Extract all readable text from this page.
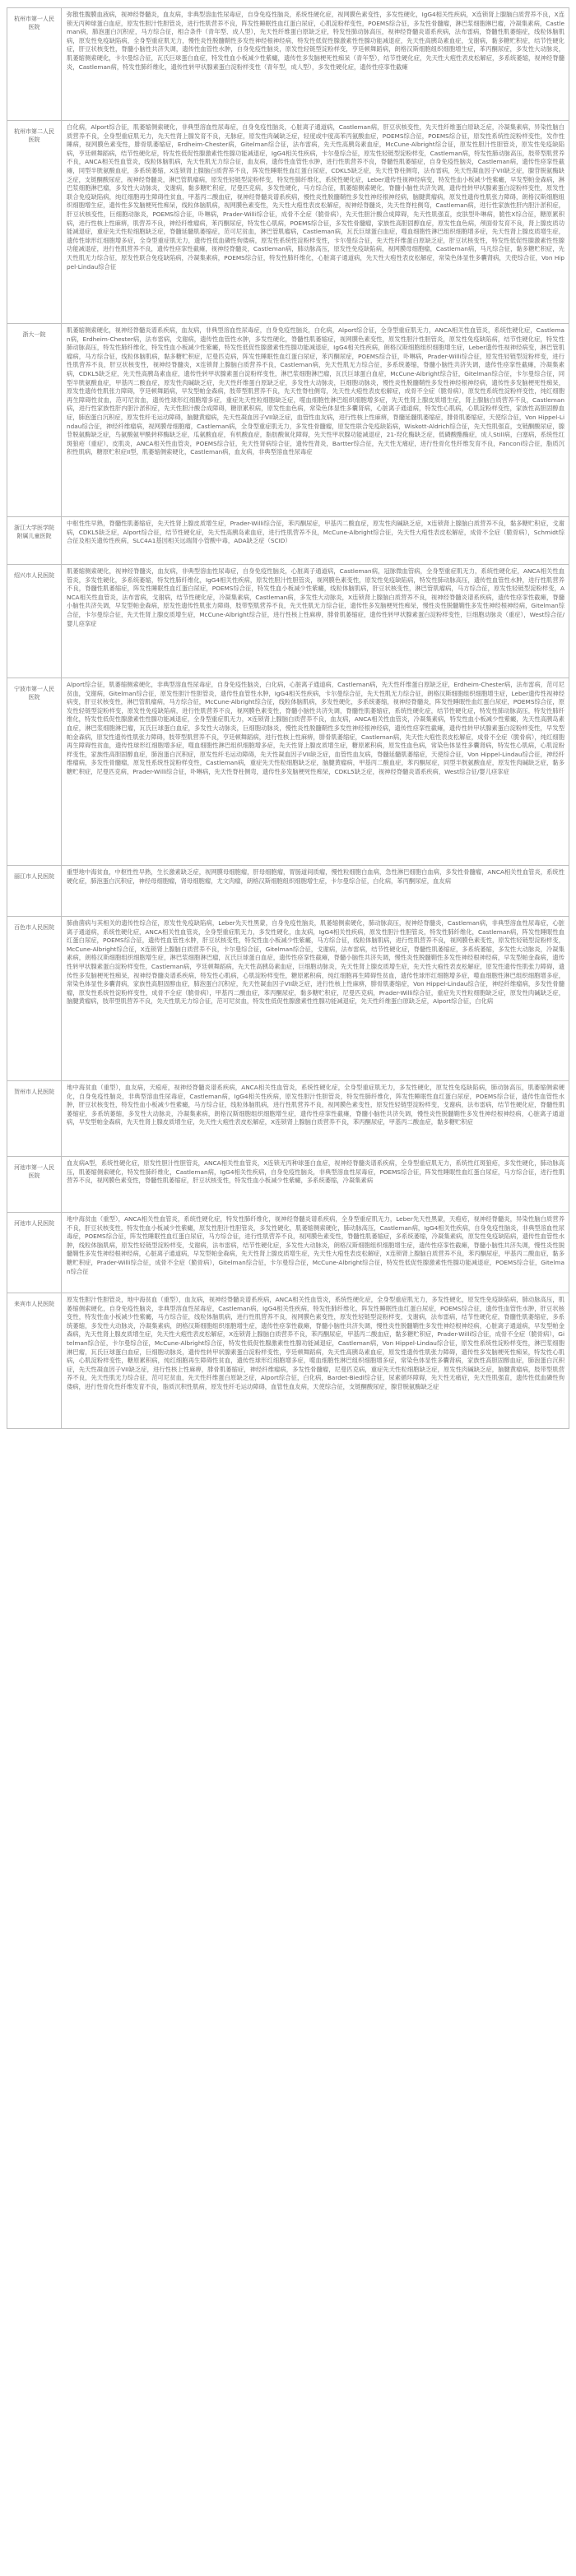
杭州市第一人民医院	弥散性腹膜血液病，视神经脊髓炎，血友病，非典型溶血性尿毒症，自身免疫性脑炎，系统性硬化症，视网膜色素变性，多发性硬化，IgG4相关性疾病，X连锁肾上腺脑白质营养不良，X连锁无丙种球蛋白血症，原发性胆汁性胆管炎，进行性肌营养不良，阵发性睡眠性血红蛋白尿症，心肌淀粉样变性，POEMS综合征，多发性骨髓瘤，淋巴浆细胞淋巴瘤，冷凝集素病，Castleman病，肺泡蛋白沉积症，马方综合征，相合条件（青年型、成人型），先天性纤维蛋白原缺乏症，特发性肺动脉高压，视神经脊髓炎谱系疾病，法布雷病，脊髓性肌萎缩症，线粒体脑肌病，原发性免疫缺陷病，全身型重症肌无力，慢性炎性脱髓鞘性多发性神经根神经病，特发性低促性腺激素性性腺功能减退症，先天性高胰岛素血症，戈谢病，黏多糖贮积症，结节性硬化症，肝豆状核变性，脊髓小脑性共济失调，遗传性血管性水肿，自身免疫性脑炎，原发性轻链型淀粉样变，亨廷顿舞蹈病，朗格汉斯细胞组织细胞增生症，苯丙酮尿症，多发性大动脉炎，肌萎缩侧索硬化，卡尔曼综合征，瓦氏巨球蛋白血症，特发性血小板减少性紫癜，遗传性多发脑梗死性痴呆（青年型），结节性硬化症，先天性大疱性表皮松解症，多系统萎缩，视神经脊髓炎，Castleman病，特发性肺纤维化，遗传性转甲状腺素蛋白淀粉样变性（青年型，成人型），多发性硬化症，遗传性痉挛性截瘫
杭州市第二人民医院	白化病，Alport综合征，肌萎缩侧索硬化，非典型溶血性尿毒症，自身免疫性脑炎，心脏离子通道病，Castleman病，肝豆状核变性，先天性纤维蛋白原缺乏症，冷凝集素病，异染性脑白质营养不良，全身型重症肌无力，先天性肾上腺发育不良，无脉症，原发性肉碱缺乏症，轻度或中度高苯丙氨酸血症，POEMS综合征，POEMS综合征，原发性系统性淀粉样变性，发作性睡病，视网膜色素变性，腓骨肌萎缩症，Erdheim-Chester病，Gitelman综合征，法布雷病，先天性高胰岛素血症，McCune-Albright综合征，原发性胆汁性胆管炎，原发性免疫缺陷病，亨廷顿舞蹈病，结节性硬化症，特发性低促性腺激素性性腺功能减退症，IgG4相关性疾病，卡尔曼综合征，原发性轻链型淀粉样变，Castleman病，特发性肺动脉高压，肢带型肌营养不良，ANCA相关性血管炎，线粒体脑肌病，先天性肌无力综合征，血友病，遗传性血管性水肿，进行性肌营养不良，脊髓性肌萎缩症，自身免疫性脑炎，Castleman病，遗传性痉挛性截瘫，同型半胱氨酸血症，多系统萎缩，X连锁肾上腺脑白质营养不良，阵发性睡眠性血红蛋白尿症，CDKL5缺乏症，先天性脊柱侧弯，法布雷病，先天性凝血因子VII缺乏症，腺苷脱氨酶缺乏症，支链酮酸尿症，视神经脊髓炎，淋巴管肌瘤病，原发性轻链型淀粉样变，特发性肺纤维化，系统性硬化症，Leber遗传性视神经病变，特发性血小板减少性紫癜，早发型帕金森病，淋巴浆细胞淋巴瘤，多发性大动脉炎，戈谢病，黏多糖贮积症，尼曼匹克病，多发性硬化，马方综合征，肌萎缩侧索硬化，脊髓小脑性共济失调，遗传性转甲状腺素蛋白淀粉样变性，原发性联合免疫缺陷病，纯红细胞再生障碍性贫血，甲基丙二酸血症，视神经脊髓炎谱系疾病，慢性炎性脱髓鞘性多发性神经根神经病，脑腱黄瘤病，原发性遗传性肌张力障碍，朗格汉斯细胞组织细胞增生症，遗传性多发脑梗死性痴呆，线粒体脑肌病，视网膜色素变性，先天性大疱性表皮松解症，视神经脊髓炎，先天性脊柱侧弯，Castleman病，进行性家族性肝内胆汁淤积症，肝豆状核变性，巨细胞动脉炎，POEMS综合征，卟啉病，Prader-Willi综合征，成骨不全症（脆骨病），先天性胆汁酸合成障碍，先天性肌强直，皮肤型卟啉病，脆性X综合征，糖原累积病，进行性核上性麻痹，肌营养不良，神经纤维瘤病，苯丙酮尿症，特发性心肌病，POEMS综合征，多发性骨髓瘤，家族性高胆固醇血症，原发性血色病，颅面骨发育不良，肾上腺皮质功能减退症，重症先天性粒细胞缺乏症，脊髓延髓肌萎缩症，范可尼贫血，淋巴管肌瘤病，Castleman病，瓦氏巨球蛋白血症，噬血细胞性淋巴组织细胞增多症，先天性肾上腺皮质增生症，遗传性球形红细胞增多症，全身型重症肌无力，遗传性低血磷性佝偻病，原发性系统性淀粉样变性，卡尔曼综合征，先天性纤维蛋白原缺乏症，肝豆状核变性，特发性低促性腺激素性性腺功能减退症，进行性肌营养不良，遗传性痉挛性截瘫，视神经脊髓炎，Castleman病，肺动脉高压，原发性免疫缺陷病，视网膜母细胞瘤，Castleman病，马凡综合征，黏多糖贮积症，先天性肌无力综合征，原发性联合免疫缺陷病，冷凝集素病，POEMS综合征，特发性肺纤维化，心脏离子通道病，先天性大疱性表皮松解症，常染色体显性多囊肾病，天使综合征，Von Hippel-Lindau综合征
浙大一院	肌萎缩侧索硬化，视神经脊髓炎谱系疾病，血友病，非典型溶血性尿毒症，自身免疫性脑炎，白化病，Alport综合征，全身型重症肌无力，ANCA相关性血管炎，系统性硬化症，Castleman病，Erdheim-Chester病，法布雷病，戈谢病，遗传性血管性水肿，多发性硬化，脊髓性肌萎缩症，视网膜色素变性，原发性胆汁性胆管炎，原发性免疫缺陷病，结节性硬化症，特发性肺动脉高压，特发性肺纤维化，特发性血小板减少性紫癜，特发性低促性腺激素性性腺功能减退症，IgG4相关性疾病，朗格汉斯细胞组织细胞增生症，Leber遗传性视神经病变，淋巴管肌瘤病，马方综合征，线粒体脑肌病，黏多糖贮积症，尼曼匹克病，阵发性睡眠性血红蛋白尿症，苯丙酮尿症，POEMS综合征，卟啉病，Prader-Willi综合征，原发性轻链型淀粉样变，进行性肌营养不良，肝豆状核变性，视神经脊髓炎，X连锁肾上腺脑白质营养不良，Castleman病，先天性肌无力综合征，多系统萎缩，脊髓小脑性共济失调，遗传性痉挛性截瘫，冷凝集素病，CDKL5缺乏症，先天性高胰岛素血症，遗传性转甲状腺素蛋白淀粉样变性，淋巴浆细胞淋巴瘤，瓦氏巨球蛋白血症，McCune-Albright综合征，Gitelman综合征，卡尔曼综合征，同型半胱氨酸血症，甲基丙二酸血症，原发性肉碱缺乏症，先天性纤维蛋白原缺乏症，多发性大动脉炎，巨细胞动脉炎，慢性炎性脱髓鞘性多发性神经根神经病，遗传性多发脑梗死性痴呆，原发性遗传性肌张力障碍，亨廷顿舞蹈病，早发型帕金森病，肢带型肌营养不良，先天性脊柱侧弯，先天性大疱性表皮松解症，成骨不全症（脆骨病），原发性系统性淀粉样变性，纯红细胞再生障碍性贫血，范可尼贫血，遗传性球形红细胞增多症，重症先天性粒细胞缺乏症，噬血细胞性淋巴组织细胞增多症，先天性肾上腺皮质增生症，肾上腺脑白质营养不良，Castleman病，进行性家族性肝内胆汁淤积症，先天性胆汁酸合成障碍，糖原累积病，原发性血色病，常染色体显性多囊肾病，心脏离子通道病，特发性心肌病，心肌淀粉样变性，家族性高胆固醇血症，肺泡蛋白沉积症，原发性纤毛运动障碍，脑腱黄瘤病，先天性凝血因子VII缺乏症，血管性血友病，进行性核上性麻痹，脊髓延髓肌萎缩症，腓骨肌萎缩症，天使综合征，Von Hippel-Lindau综合征，神经纤维瘤病，视网膜母细胞瘤，Castleman病，全身型重症肌无力，多发性骨髓瘤，原发性联合免疫缺陷病，Wiskott-Aldrich综合征，先天性肌强直，支链酮酸尿症，腺苷脱氨酶缺乏症，鸟氨酸氨甲酰转移酶缺乏症，瓜氨酸血症，有机酸血症，脂肪酸氧化障碍，先天性甲状腺功能减退症，21-羟化酶缺乏症，低磷酸酯酶症，成人Still病，白塞病，系统性红斑狼疮（重症），皮肌炎，ANCA相关性血管炎，POEMS综合征，先天性肾病综合征，遗传性肾炎，Bartter综合征，先天性无痛症，进行性骨化性纤维发育不良，Fanconi综合征，脂质沉积性肌病，糖原贮积症II型，肌萎缩侧索硬化，Castleman病，血友病，非典型溶血性尿毒症
浙江大学医学院附属儿童医院	中枢性性早熟，脊髓性肌萎缩症，先天性肾上腺皮质增生症，Prader-Willi综合征，苯丙酮尿症，甲基丙二酸血症，原发性肉碱缺乏症，X连锁肾上腺脑白质营养不良，黏多糖贮积症，戈谢病，CDKL5缺乏症，Alport综合征，结节性硬化症，先天性高胰岛素血症，进行性肌营养不良，McCune-Albright综合征，先天性大疱性表皮松解症，成骨不全症（脆骨病），Schmidt综合征及相关遗传性疾病，SLC4A1基因相关远端肾小管酸中毒，ADA缺乏症（SCID）
绍兴市人民医院	肌萎缩侧索硬化，视神经脊髓炎，血友病，非典型溶血性尿毒症，自身免疫性脑炎，心脏离子通道病，Castleman病，冠脉微血管病，全身型重症肌无力，系统性硬化症，ANCA相关性血管炎，多发性硬化，多系统萎缩，特发性肺纤维化，IgG4相关性疾病，原发性胆汁性胆管炎，视网膜色素变性，原发性免疫缺陷病，特发性肺动脉高压，遗传性血管性水肿，进行性肌营养不良，脊髓性肌萎缩症，阵发性睡眠性血红蛋白尿症，POEMS综合征，特发性血小板减少性紫癜，线粒体脑肌病，肝豆状核变性，淋巴管肌瘤病，马方综合征，原发性轻链型淀粉样变，ANCA相关性血管炎，法布雷病，戈谢病，结节性硬化症，冷凝集素病，Castleman病，多发性大动脉炎，X连锁肾上腺脑白质营养不良，视神经脊髓炎谱系疾病，遗传性痉挛性截瘫，脊髓小脑性共济失调，早发型帕金森病，原发性遗传性肌张力障碍，肢带型肌营养不良，先天性肌无力综合征，遗传性多发脑梗死性痴呆，慢性炎性脱髓鞘性多发性神经根神经病，Gitelman综合征，卡尔曼综合征，先天性肾上腺皮质增生症，McCune-Albright综合征，进行性核上性麻痹，腓骨肌萎缩症，遗传性转甲状腺素蛋白淀粉样变性，巨细胞动脉炎（重症），West综合征/婴儿痉挛症
宁波市第一人民医院	Alport综合征，肌萎缩侧索硬化，非典型溶血性尿毒症，自身免疫性脑炎，白化病，心脏离子通道病，Castleman病，先天性纤维蛋白原缺乏症，Erdheim-Chester病，法布雷病，范可尼贫血，戈谢病，Gitelman综合征，原发性胆汁性胆管炎，遗传性血管性水肿，IgG4相关性疾病，卡尔曼综合征，先天性肌无力综合征，朗格汉斯细胞组织细胞增生症，Leber遗传性视神经病变，肝豆状核变性，淋巴管肌瘤病，马方综合征，McCune-Albright综合征，线粒体脑肌病，多发性硬化，多系统萎缩，视神经脊髓炎，阵发性睡眠性血红蛋白尿症，POEMS综合征，原发性轻链型淀粉样变，原发性免疫缺陷病，进行性肌营养不良，视网膜色素变性，脊髓小脑性共济失调，脊髓性肌萎缩症，系统性硬化症，结节性硬化症，特发性肺动脉高压，特发性肺纤维化，特发性低促性腺激素性性腺功能减退症，全身型重症肌无力，X连锁肾上腺脑白质营养不良，血友病，ANCA相关性血管炎，冷凝集素病，特发性血小板减少性紫癜，先天性高胰岛素血症，淋巴浆细胞淋巴瘤，瓦氏巨球蛋白血症，多发性大动脉炎，巨细胞动脉炎，慢性炎性脱髓鞘性多发性神经根神经病，遗传性痉挛性截瘫，遗传性转甲状腺素蛋白淀粉样变性，早发型帕金森病，原发性遗传性肌张力障碍，肢带型肌营养不良，亨廷顿舞蹈病，进行性核上性麻痹，腓骨肌萎缩症，Castleman病，先天性大疱性表皮松解症，成骨不全症（脆骨病），纯红细胞再生障碍性贫血，遗传性球形红细胞增多症，噬血细胞性淋巴组织细胞增多症，先天性肾上腺皮质增生症，糖原累积病，原发性血色病，常染色体显性多囊肾病，特发性心肌病，心肌淀粉样变性，家族性高胆固醇血症，肺泡蛋白沉积症，原发性纤毛运动障碍，先天性凝血因子VII缺乏症，血管性血友病，脊髓延髓肌萎缩症，天使综合征，Von Hippel-Lindau综合征，神经纤维瘤病，多发性骨髓瘤，原发性系统性淀粉样变性，Castleman病，重症先天性粒细胞缺乏症，脑腱黄瘤病，甲基丙二酸血症，苯丙酮尿症，同型半胱氨酸血症，原发性肉碱缺乏症，黏多糖贮积症，尼曼匹克病，Prader-Willi综合征，卟啉病，先天性脊柱侧弯，遗传性多发脑梗死性痴呆，CDKL5缺乏症，视神经脊髓炎谱系疾病，West综合征/婴儿痉挛症
丽江市人民医院	重型地中海贫血，中枢性性早熟，生长激素缺乏症，视网膜母细胞瘤，肝母细胞瘤，胃肠道间质瘤，慢性粒细胞白血病，急性淋巴细胞白血病，多发性骨髓瘤，ANCA相关性血管炎，系统性硬化症，肺泡蛋白沉积症，神经母细胞瘤，肾母细胞瘤，尤文肉瘤，朗格汉斯细胞组织细胞增生症，卡尔曼综合征，白化病，苯丙酮尿症，血友病
百色市人民医院	肺曲菌病与其相关的遗传性综合征，原发性免疫缺陷病，Leber先天性黑蒙，自身免疫性脑炎，肌萎缩侧索硬化，肺动脉高压，视神经脊髓炎，Castleman病，非典型溶血性尿毒症，心脏离子通道病，系统性硬化症，ANCA相关性血管炎，全身型重症肌无力，多发性硬化，血友病，IgG4相关性疾病，原发性胆汁性胆管炎，特发性肺纤维化，Castleman病，阵发性睡眠性血红蛋白尿症，POEMS综合征，遗传性血管性水肿，肝豆状核变性，特发性血小板减少性紫癜，马方综合征，线粒体脑肌病，进行性肌营养不良，视网膜色素变性，原发性轻链型淀粉样变，McCune-Albright综合征，X连锁肾上腺脑白质营养不良，卡尔曼综合征，Gitelman综合征，戈谢病，法布雷病，结节性硬化症，脊髓性肌萎缩症，多系统萎缩，多发性大动脉炎，冷凝集素病，朗格汉斯细胞组织细胞增生症，淋巴浆细胞淋巴瘤，瓦氏巨球蛋白血症，遗传性痉挛性截瘫，脊髓小脑性共济失调，慢性炎性脱髓鞘性多发性神经根神经病，早发型帕金森病，遗传性转甲状腺素蛋白淀粉样变性，Castleman病，亨廷顿舞蹈病，先天性高胰岛素血症，巨细胞动脉炎，先天性肾上腺皮质增生症，先天性大疱性表皮松解症，原发性遗传性肌张力障碍，遗传性多发脑梗死性痴呆，视神经脊髓炎谱系疾病，特发性心肌病，心肌淀粉样变性，糖原累积病，纯红细胞再生障碍性贫血，遗传性球形红细胞增多症，噬血细胞性淋巴组织细胞增多症，常染色体显性多囊肾病，家族性高胆固醇血症，肺泡蛋白沉积症，先天性凝血因子VII缺乏症，进行性核上性麻痹，腓骨肌萎缩症，Von Hippel-Lindau综合征，神经纤维瘤病，多发性骨髓瘤，原发性系统性淀粉样变性，成骨不全症（脆骨病），甲基丙二酸血症，苯丙酮尿症，黏多糖贮积症，尼曼匹克病，Prader-Willi综合征，重症先天性粒细胞缺乏症，原发性肉碱缺乏症，脑腱黄瘤病，肢带型肌营养不良，先天性肌无力综合征，范可尼贫血，特发性低促性腺激素性性腺功能减退症，先天性纤维蛋白原缺乏症，Alport综合征，白化病
贺州市人民医院	地中海贫血（重型），血友病，天疱疮，视神经脊髓炎谱系疾病，ANCA相关性血管炎，系统性硬化症，全身型重症肌无力，多发性硬化，原发性免疫缺陷病，肺动脉高压，肌萎缩侧索硬化，自身免疫性脑炎，非典型溶血性尿毒症，Castleman病，IgG4相关性疾病，原发性胆汁性胆管炎，特发性肺纤维化，阵发性睡眠性血红蛋白尿症，POEMS综合征，遗传性血管性水肿，肝豆状核变性，特发性血小板减少性紫癜，马方综合征，线粒体脑肌病，进行性肌营养不良，视网膜色素变性，原发性轻链型淀粉样变，戈谢病，法布雷病，结节性硬化症，脊髓性肌萎缩症，多系统萎缩，多发性大动脉炎，冷凝集素病，朗格汉斯细胞组织细胞增生症，遗传性痉挛性截瘫，脊髓小脑性共济失调，慢性炎性脱髓鞘性多发性神经根神经病，心脏离子通道病，早发型帕金森病，先天性肾上腺皮质增生症，先天性大疱性表皮松解症，X连锁肾上腺脑白质营养不良，苯丙酮尿症，甲基丙二酸血症，黏多糖贮积症
河池市第一人民医院	血友病A型，系统性硬化症，原发性胆汁性胆管炎，ANCA相关性血管炎，X连锁无丙种球蛋白血症，视神经脊髓炎谱系疾病，全身型重症肌无力，系统性红斑狼疮，多发性硬化，肺动脉高压，肌萎缩侧索硬化，特发性肺纤维化，Castleman病，IgG4相关性疾病，自身免疫性脑炎，非典型溶血性尿毒症，POEMS综合征，阵发性睡眠性血红蛋白尿症，马方综合征，进行性肌营养不良，视网膜色素变性，脊髓性肌萎缩症，肝豆状核变性，特发性血小板减少性紫癜，多系统萎缩，冷凝集素病
河池市人民医院	地中海贫血（重型），ANCA相关性血管炎，系统性硬化症，特发性肺纤维化，视神经脊髓炎谱系疾病，全身型重症肌无力，Leber先天性黑蒙，天疱疮，视神经脊髓炎，异染性脑白质营养不良，肝豆状核变性，特发性血小板减少性紫癜，原发性胆汁性胆管炎，多发性硬化，肌萎缩侧索硬化，肺动脉高压，Castleman病，IgG4相关性疾病，自身免疫性脑炎，非典型溶血性尿毒症，POEMS综合征，阵发性睡眠性血红蛋白尿症，马方综合征，进行性肌营养不良，视网膜色素变性，脊髓性肌萎缩症，多系统萎缩，冷凝集素病，原发性免疫缺陷病，遗传性血管性水肿，线粒体脑肌病，原发性轻链型淀粉样变，戈谢病，法布雷病，结节性硬化症，多发性大动脉炎，朗格汉斯细胞组织细胞增生症，遗传性痉挛性截瘫，脊髓小脑性共济失调，慢性炎性脱髓鞘性多发性神经根神经病，心脏离子通道病，早发型帕金森病，先天性肾上腺皮质增生症，先天性大疱性表皮松解症，X连锁肾上腺脑白质营养不良，苯丙酮尿症，甲基丙二酸血症，黏多糖贮积症，Prader-Willi综合征，成骨不全症（脆骨病），Gitelman综合征，卡尔曼综合征，McCune-Albright综合征，特发性低促性腺激素性性腺功能减退症，POEMS综合征，Gitelman综合征
来宾市人民医院	原发性胆汁性胆管炎，地中海贫血（重型），血友病，视神经脊髓炎谱系疾病，ANCA相关性血管炎，系统性硬化症，全身型重症肌无力，多发性硬化，原发性免疫缺陷病，肺动脉高压，肌萎缩侧索硬化，自身免疫性脑炎，非典型溶血性尿毒症，Castleman病，IgG4相关性疾病，特发性肺纤维化，阵发性睡眠性血红蛋白尿症，POEMS综合征，遗传性血管性水肿，肝豆状核变性，特发性血小板减少性紫癜，马方综合征，线粒体脑肌病，进行性肌营养不良，视网膜色素变性，原发性轻链型淀粉样变，戈谢病，法布雷病，结节性硬化症，脊髓性肌萎缩症，多系统萎缩，多发性大动脉炎，冷凝集素病，朗格汉斯细胞组织细胞增生症，遗传性痉挛性截瘫，脊髓小脑性共济失调，慢性炎性脱髓鞘性多发性神经根神经病，心脏离子通道病，早发型帕金森病，先天性肾上腺皮质增生症，先天性大疱性表皮松解症，X连锁肾上腺脑白质营养不良，苯丙酮尿症，甲基丙二酸血症，黏多糖贮积症，Prader-Willi综合征，成骨不全症（脆骨病），Gitelman综合征，卡尔曼综合征，McCune-Albright综合征，特发性低促性腺激素性性腺功能减退症，Castleman病，Von Hippel-Lindau综合征，原发性系统性淀粉样变性，淋巴浆细胞淋巴瘤，瓦氏巨球蛋白血症，巨细胞动脉炎，遗传性转甲状腺素蛋白淀粉样变性，亨廷顿舞蹈病，先天性高胰岛素血症，原发性遗传性肌张力障碍，遗传性多发脑梗死性痴呆，特发性心肌病，心肌淀粉样变性，糖原累积病，纯红细胞再生障碍性贫血，遗传性球形红细胞增多症，噬血细胞性淋巴组织细胞增多症，常染色体显性多囊肾病，家族性高胆固醇血症，肺泡蛋白沉积症，先天性凝血因子VII缺乏症，进行性核上性麻痹，腓骨肌萎缩症，神经纤维瘤病，多发性骨髓瘤，尼曼匹克病，重症先天性粒细胞缺乏症，原发性肉碱缺乏症，脑腱黄瘤病，肢带型肌营养不良，先天性肌无力综合征，范可尼贫血，先天性纤维蛋白原缺乏症，Alport综合征，白化病，Bardet-Biedl综合征，尿素循环障碍，先天性无痛症，先天性肌强直，遗传性低血磷性佝偻病，进行性骨化性纤维发育不良，脂质沉积性肌病，原发性纤毛运动障碍，血管性血友病，天使综合征，支链酮酸尿症，腺苷脱氨酶缺乏症
